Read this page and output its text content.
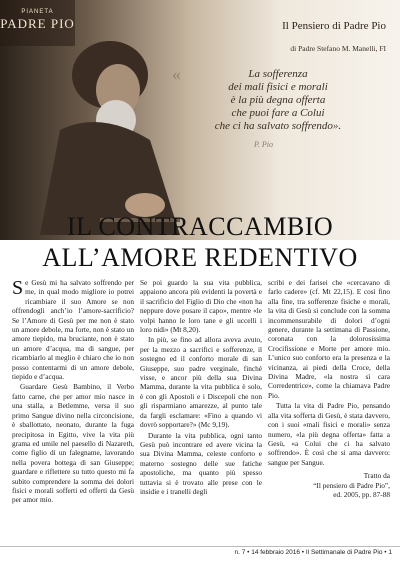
PIANETA
PADRE PIO	Il Pensiero di Padre Pio
di Padre Stefano M. Manelli, FI
«	La sofferenza
dei mali fisici e morali
è la più degna offerta
che puoi fare a Colui
che ci ha salvato soffrendo».
P. Pio
IL CONTRACCAMBIO
ALL’AMORE REDENTIVO

Se Gesù mi ha salvato soffrendo per me, in qual modo migliore io potrei ricambiare il suo Amore se non offrendogli anch’io l’amore-sacrificio? Se l’Amore di Gesù per me non è stato un amore debole, ma forte, non è stato un amore tiepido, ma bruciante, non è stato un amore d’acqua, ma di sangue, per ricambiarlo al meglio è chiaro che io non posso contentarmi di un amore debole, tiepido e d’acqua.

Guardare Gesù Bambino, il Verbo fatto carne, che per amor mio nasce in una stalla, a Betlemme, versa il suo primo Sangue divino nella circoncisione, è sballottato, neonato, durante la fuga precipitosa in Egitto, vive la vita più grama ed umile nel paesello di Nazareth, come figlio di un falegname, lavorando nella povera bottega di san Giuseppe; guardare e riflettere su tutto questo mi fa subito comprendere la somma dei dolori fisici e morali sofferti ed offerti da Gesù per amor mio.

Se poi guardo la sua vita pubblica, appaiono ancora più evidenti la povertà e il sacrificio del Figlio di Dio che «non ha neppure dove posare il capo», mentre «le volpi hanno le loro tane e gli uccelli i loro nidi» (Mt 8,20).

In più, se fino ad allora aveva avuto, per la mezzo a sacrifici e sofferenze, il sostegno ed il conforto morale di san Giuseppe, suo padre verginale, finché visse, e ancor più della sua Divina Mamma, durante la vita pubblica è solo, è con gli Apostoli e i Discepoli che non gli risparmiano amarezze, al punto tale da fargli esclamare: «Fino a quando vi dovrò sopportare?» (Mc 9,19).

Durante la vita pubblica, ogni tanto Gesù può incontrare ed avere vicina la sua Divina Mamma, celeste conforto e materno sostegno delle sue fatiche apostoliche, ma quanto più spesso tuttavia si è trovato alle prese con le insidie e i tranelli degli

scribi e dei farisei che «cercavano di farlo cadere» (cf. Mt 22,15). E così fino alla fine, tra sofferenze fisiche e morali, la vita di Gesù si conclude con la somma incommensurabile di dolori d’ogni genere, durante la settimana di Passione, coronata con la dolorosissima Crocifissione e Morte per amore mio. L’unico suo conforto era la presenza e la vicinanza, ai piedi della Croce, della Divina Madre, «la nostra sì cara Corredentrice», come la chiamava Padre Pio.

Tutta la vita di Padre Pio, pensando alla vita sofferta di Gesù, è stata davvero, con i suoi «mali fisici e morali» senza numero, «la più degna offerta» fatta a Gesù, «a Colui che ci ha salvato soffrendo». È così che si ama davvero: sangue per Sangue.

Tratto da
“Il pensiero di Padre Pio”,
ed. 2005, pp. 87-88
n. 7 • 14 febbraio 2016 • Il Settimanale di Padre Pio • 1
